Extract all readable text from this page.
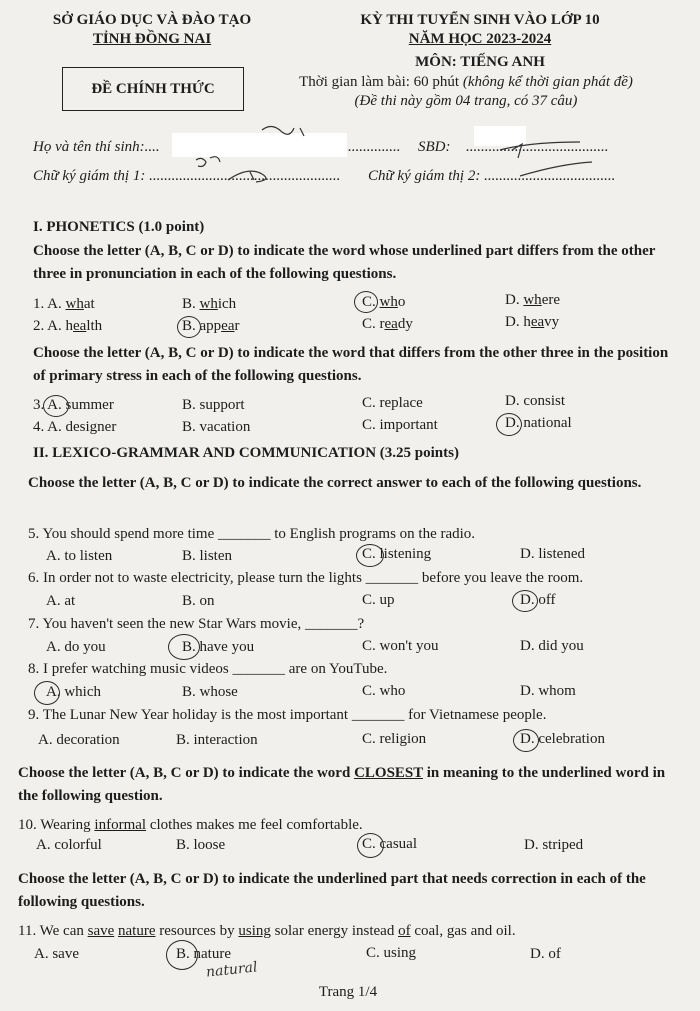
SỞ GIÁO DỤC VÀ ĐÀO TẠO
TỈNH ĐỒNG NAI
KỲ THI TUYỂN SINH VÀO LỚP 10
NĂM HỌC 2023-2024
MÔN: TIẾNG ANH
ĐỀ CHÍNH THỨC	Thời gian làm bài: 60 phút (không kể thời gian phát đề)
(Đề thi này gồm 04 trang, có 37 câu)
Họ và tên thí sinh:....	.............. SBD: ......................................
Chữ ký giám thị 1: ................................................... Chữ ký giám thị 2: ...................................
I. PHONETICS (1.0 point)
Choose the letter (A, B, C or D) to indicate the word whose underlined part differs from the other three in pronunciation in each of the following questions.
1. A. what	B. which	C. who	D. where
2. A. health	B. appear	C. ready	D. heavy
Choose the letter (A, B, C or D) to indicate the word that differs from the other three in the position of primary stress in each of the following questions.
3. A. summer	B. support	C. replace	D. consist
4. A. designer	B. vacation	C. important	D. national
II. LEXICO-GRAMMAR AND COMMUNICATION (3.25 points)
Choose the letter (A, B, C or D) to indicate the correct answer to each of the following questions.
5. You should spend more time _______ to English programs on the radio.
A. to listen	B. listen	C. listening	D. listened
6. In order not to waste electricity, please turn the lights _______ before you leave the room.
A. at	B. on	C. up	D. off
7. You haven't seen the new Star Wars movie, _______?
A. do you	B. have you	C. won't you	D. did you
8. I prefer watching music videos _______ are on YouTube.
A. which	B. whose	C. who	D. whom
9. The Lunar New Year holiday is the most important _______ for Vietnamese people.
A. decoration	B. interaction	C. religion	D. celebration
Choose the letter (A, B, C or D) to indicate the word CLOSEST in meaning to the underlined word in the following question.
10. Wearing informal clothes makes me feel comfortable.
A. colorful	B. loose	C. casual	D. striped
Choose the letter (A, B, C or D) to indicate the underlined part that needs correction in each of the following questions.
11. We can save nature resources by using solar energy instead of coal, gas and oil.
A. save	B. nature	C. using	D. of
natural
Trang 1/4
